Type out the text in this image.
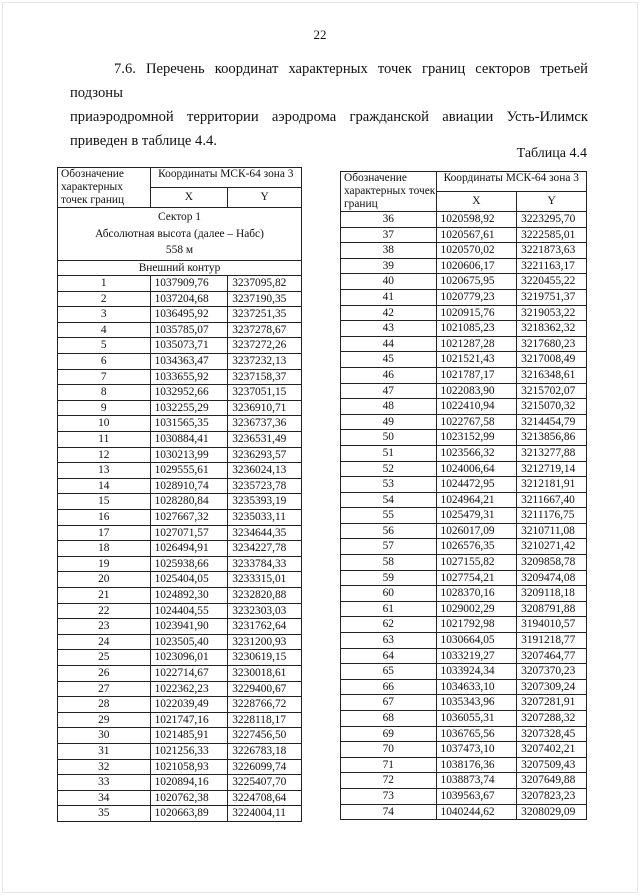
22
7.6. Перечень координат характерных точек границ секторов третьей подзоны
приаэродромной территории аэродрома гражданской авиации Усть-Илимск
приведен в таблице 4.4.
Таблица 4.4
Обозначение характерных точек границ	Координаты МСК-64 зона 3	
	X	Y

Сектор 1
Абсолютная высота (далее – Набс)
558 м		

Внешний контур		
1	1037909,76	3237095,82
2	1037204,68	3237190,35
3	1036495,92	3237251,35
4	1035785,07	3237278,67
5	1035073,71	3237272,26
6	1034363,47	3237232,13
7	1033655,92	3237158,37
8	1032952,66	3237051,15
9	1032255,29	3236910,71
10	1031565,35	3236737,36
11	1030884,41	3236531,49
12	1030213,99	3236293,57
13	1029555,61	3236024,13
14	1028910,74	3235723,78
15	1028280,84	3235393,19
16	1027667,32	3235033,11
17	1027071,57	3234644,35
18	1026494,91	3234227,78
19	1025938,66	3233784,33
20	1025404,05	3233315,01
21	1024892,30	3232820,88
22	1024404,55	3232303,03
23	1023941,90	3231762,64
24	1023505,40	3231200,93
25	1023096,01	3230619,15
26	1022714,67	3230018,61
27	1022362,23	3229400,67
28	1022039,49	3228766,72
29	1021747,16	3228118,17
30	1021485,91	3227456,50
31	1021256,33	3226783,18
32	1021058,93	3226099,74
33	1020894,16	3225407,70
34	1020762,38	3224708,64
35	1020663,89	3224004,11
Обозначение характерных точек границ	Координаты МСК-64 зона 3	
	X	Y
36	1020598,92	3223295,70
37	1020567,61	3222585,01
38	1020570,02	3221873,63
39	1020606,17	3221163,17
40	1020675,95	3220455,22
41	1020779,23	3219751,37
42	1020915,76	3219053,22
43	1021085,23	3218362,32
44	1021287,28	3217680,23
45	1021521,43	3217008,49
46	1021787,17	3216348,61
47	1022083,90	3215702,07
48	1022410,94	3215070,32
49	1022767,58	3214454,79
50	1023152,99	3213856,86
51	1023566,32	3213277,88
52	1024006,64	3212719,14
53	1024472,95	3212181,91
54	1024964,21	3211667,40
55	1025479,31	3211176,75
56	1026017,09	3210711,08
57	1026576,35	3210271,42
58	1027155,82	3209858,78
59	1027754,21	3209474,08
60	1028370,16	3209118,18
61	1029002,29	3208791,88
62	1021792,98	3194010,57
63	1030664,05	3191218,77
64	1033219,27	3207464,77
65	1033924,34	3207370,23
66	1034633,10	3207309,24
67	1035343,96	3207281,91
68	1036055,31	3207288,32
69	1036765,56	3207328,45
70	1037473,10	3207402,21
71	1038176,36	3207509,43
72	1038873,74	3207649,88
73	1039563,67	3207823,23
74	1040244,62	3208029,09
